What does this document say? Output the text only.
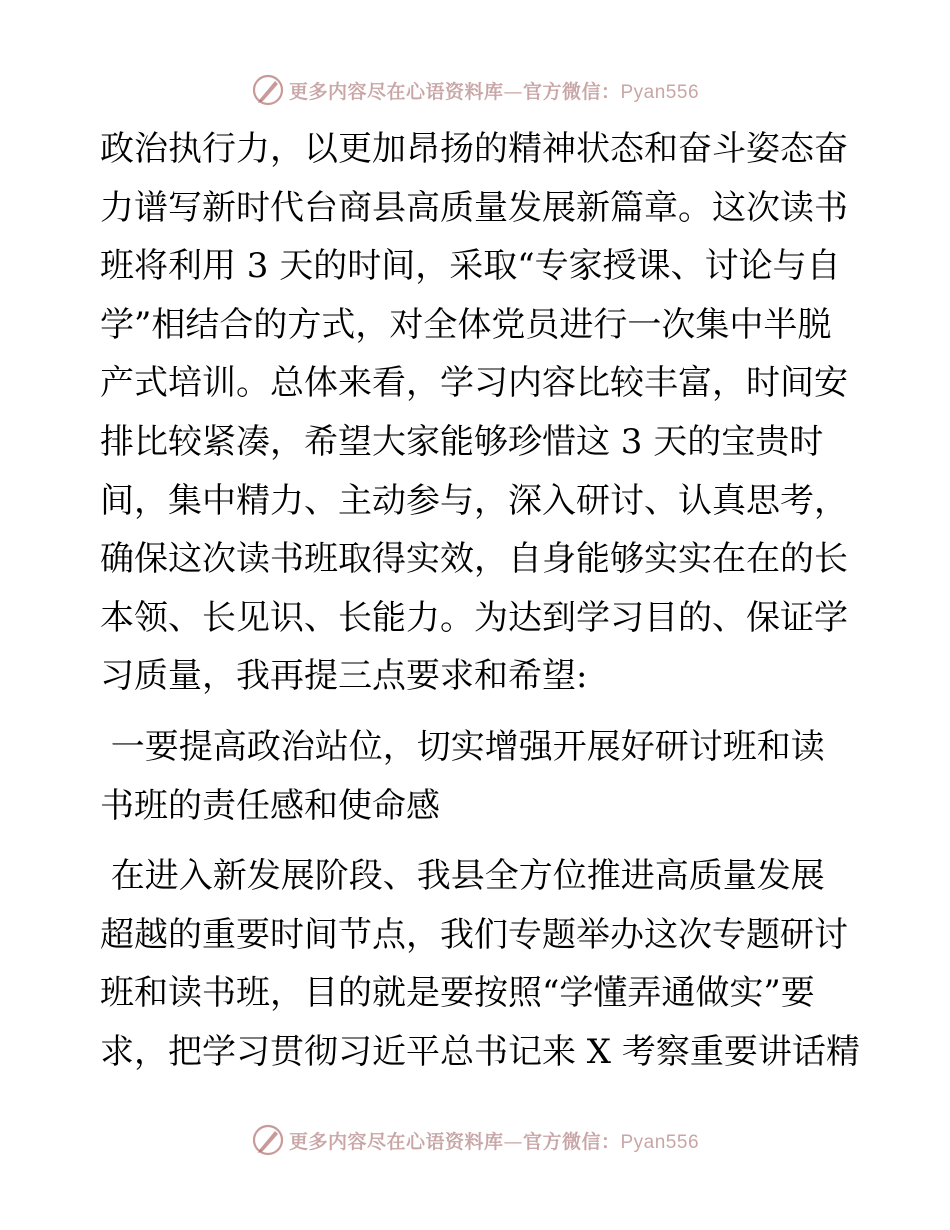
更多内容尽在心语资料库—官方微信：Pyan556

政治执行力，以更加昂扬的精神状态和奋斗姿态奋

力谱写新时代台商县高质量发展新篇章。这次读书

班将利用 3 天的时间，采取“专家授课、讨论与自

学”相结合的方式，对全体党员进行一次集中半脱

产式培训。总体来看，学习内容比较丰富，时间安

排比较紧凑，希望大家能够珍惜这 3 天的宝贵时

间，集中精力、主动参与，深入研讨、认真思考，

确保这次读书班取得实效，自身能够实实在在的长

本领、长见识、长能力。为达到学习目的、保证学

习质量，我再提三点要求和希望:

一要提高政治站位，切实增强开展好研讨班和读

书班的责任感和使命感

在进入新发展阶段、我县全方位推进高质量发展

超越的重要时间节点，我们专题举办这次专题研讨

班和读书班，目的就是要按照“学懂弄通做实”要

求，把学习贯彻习近平总书记来 X 考察重要讲话精

更多内容尽在心语资料库—官方微信：Pyan556
